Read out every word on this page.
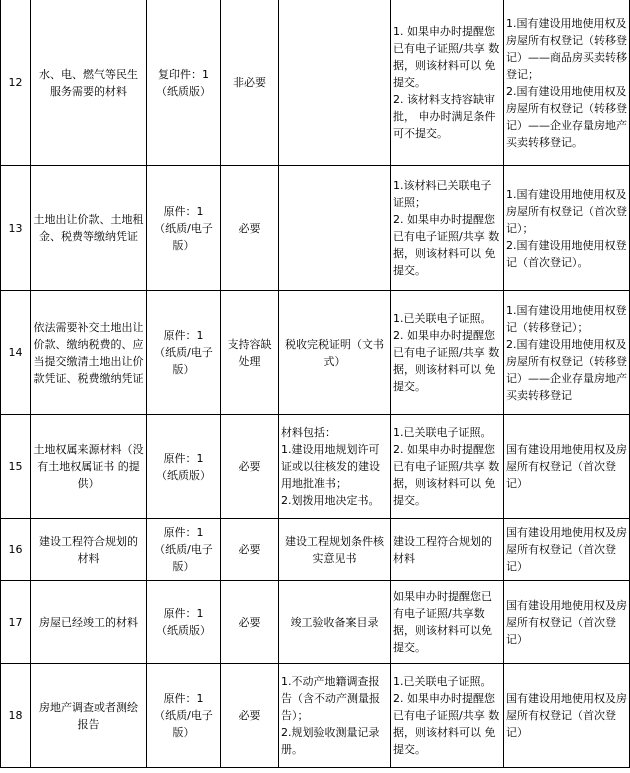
12	水、电、燃气等民生 服务需要的材料	复印件：1
（纸质版）	非必要		1. 如果申办时提醒您 已有电子证照/共享 数据，则该材料可以 免提交。
2. 该材料支持容缺审 批， 申办时满足条件 可不提交。	1.国有建设用地使用权及房屋所有权登记（转移登记）——商品房买卖转移登记；
2.国有建设用地使用权及房屋所有权登记（转移登记）——企业存量房地产买卖转移登记。

13	土地出让价款、土地租金、税费等缴纳凭证	原件：1
（纸质/电子版）	必要		1.该材料已关联电子 证照；
2. 如果申办时提醒您 已有电子证照/共享 数据，则该材料可以 免提交。	1.国有建设用地使用权及房屋所有权登记（首次登记）；
2.国有建设用地使用权登记（首次登记）。

14	依法需要补交土地出让价款、缴纳税费的、应当提交缴清土地出让价款凭证、税费缴纳凭证	原件：1
（纸质/电子版）	支持容缺处理	税收完税证明（文书式）	1.已关联电子证照。
2. 如果申办时提醒您 已有电子证照/共享 数据，则该材料可以 免提交。	1.国有建设用地使用权登记（转移登记）；
2.国有建设用地使用权及房屋所有权登记（转移登记）——企业存量房地产买卖转移登记

15	土地权属来源材料（没有土地权属证书 的提供）	原件：1
（纸质版）	必要	材料包括：
1.建设用地规划许可证或以往核发的建设用地批准书；
2.划拨用地决定书。	1.已关联电子证照。
2. 如果申办时提醒您 已有电子证照/共享 数据，则该材料可以 免提交。	国有建设用地使用权及房屋所有权登记（首次登记）

16	建设工程符合规划的 材料	原件：1
（纸质/电子版）	必要	建设工程规划条件核实意见书	建设工程符合规划的 材料	国有建设用地使用权及房屋所有权登记（首次登记）

17	房屋已经竣工的材料	原件：1
（纸质版）	必要	竣工验收备案目录	如果申办时提醒您已 有电子证照/共享数 据，则该材料可以免 提交。	国有建设用地使用权及房屋所有权登记（首次登记）

18	房地产调查或者测绘 报告	原件：1
（纸质/电子版）	必要	1.不动产地籍调查报告（含不动产测量报告）；
2.规划验收测量记录册。	1.已关联电子证照。
2. 如果申办时提醒您 已有电子证照/共享 数据，则该材料可以 免提交。	国有建设用地使用权及房屋所有权登记（首次登记）
